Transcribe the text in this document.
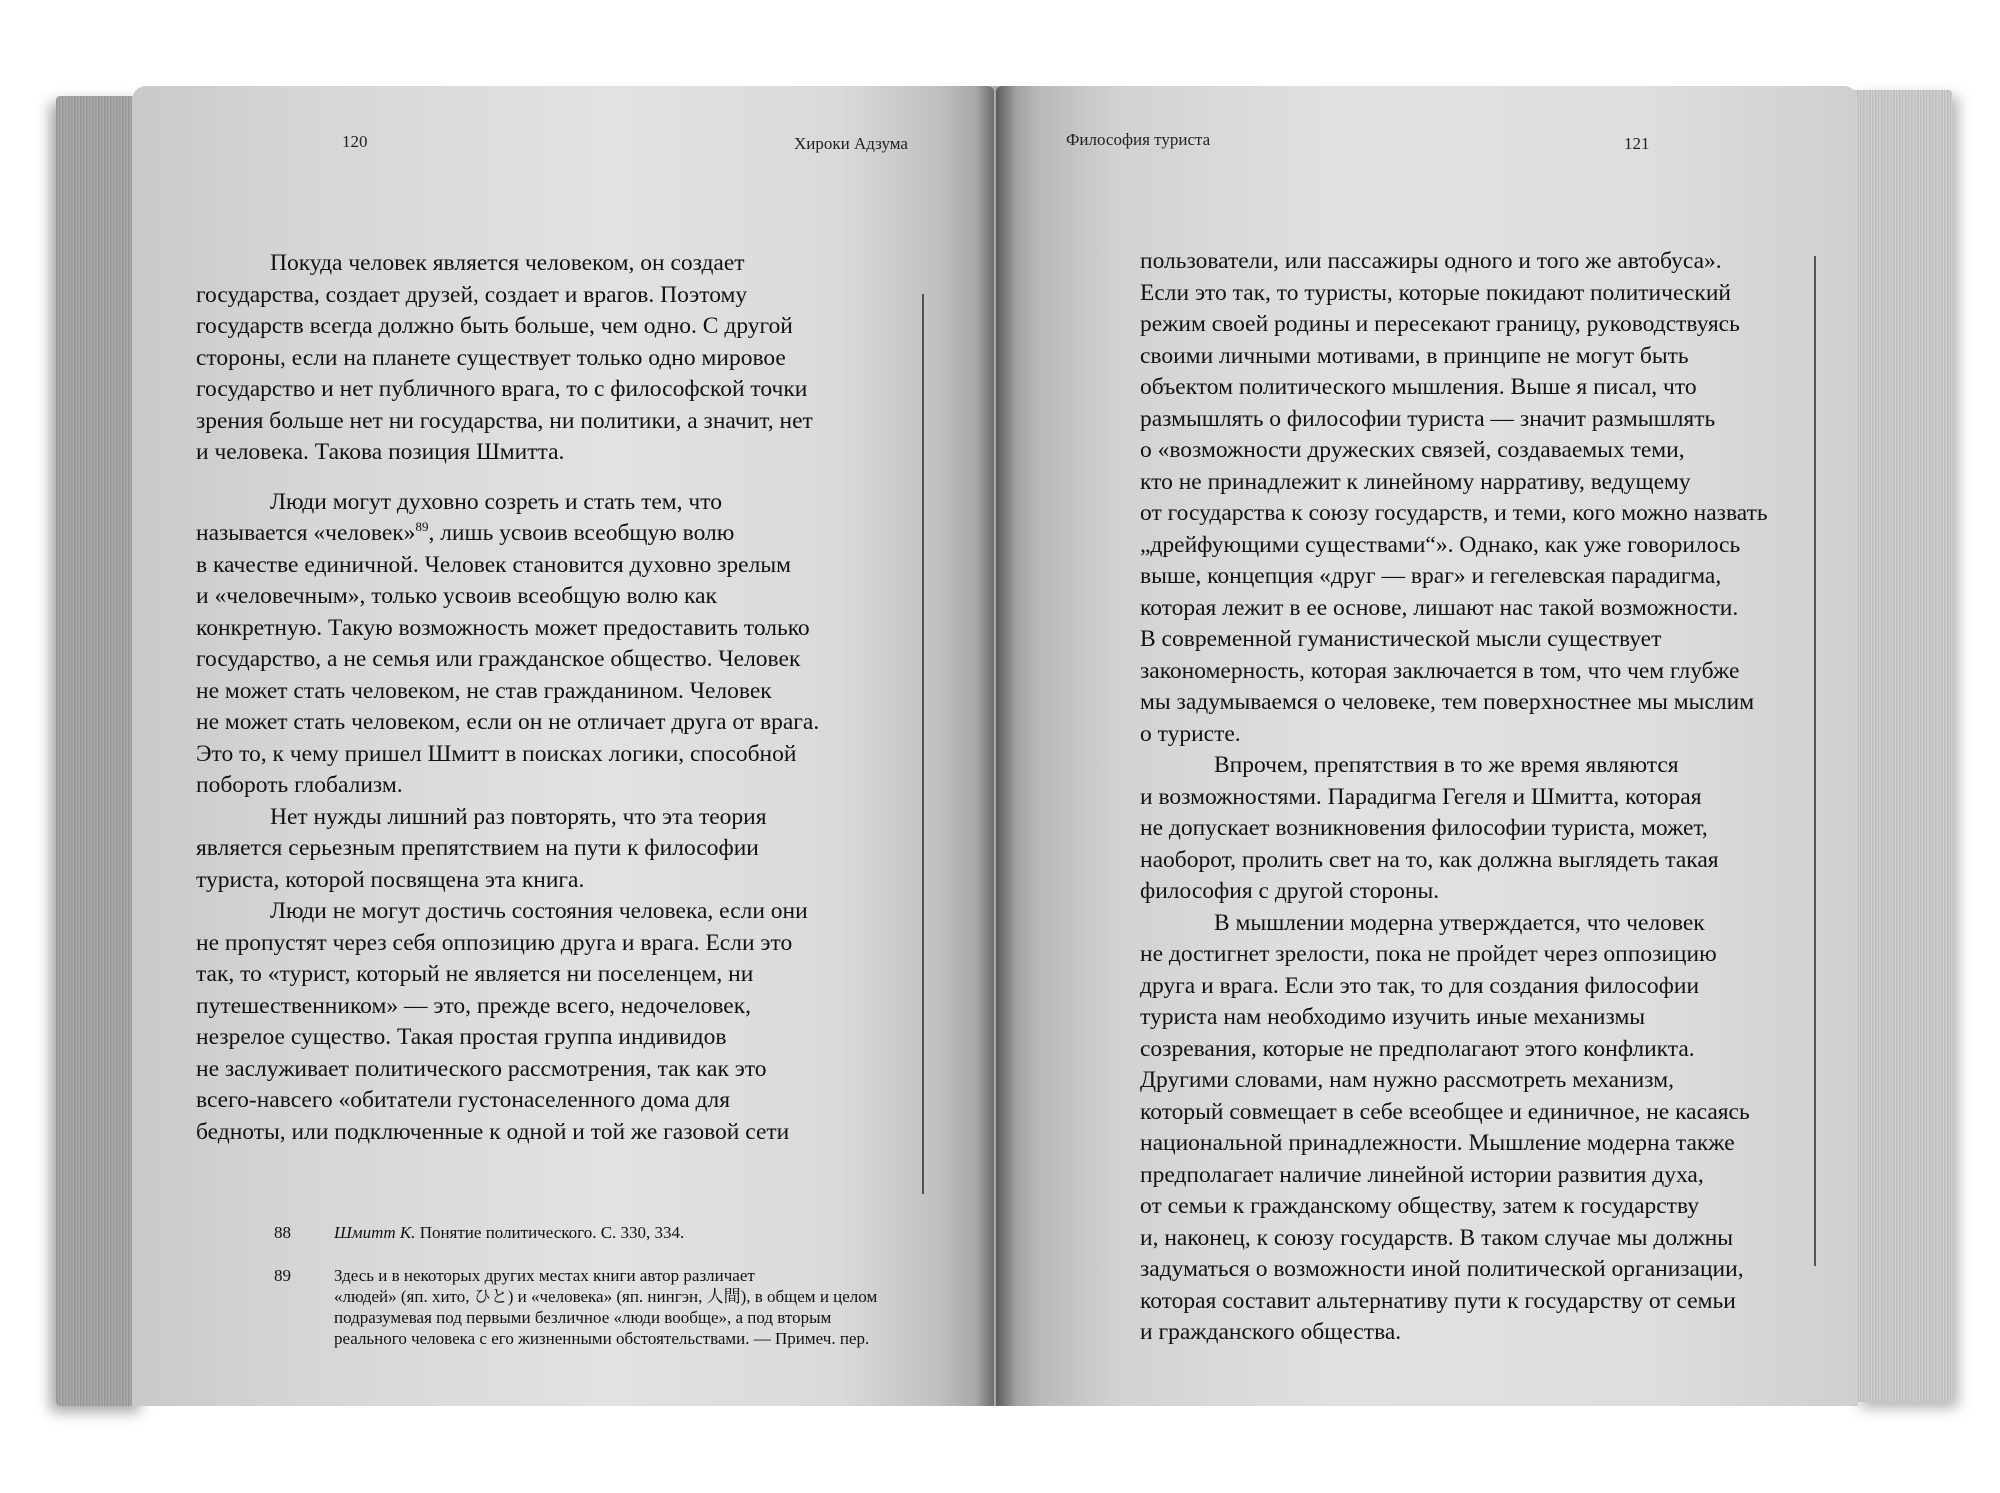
120	Хироки Адзума
Покуда человек является человеком, он создает
государства, создает друзей, создает и врагов. Поэтому
государств всегда должно быть больше, чем одно. С другой
стороны, если на планете существует только одно мировое
государство и нет публичного врага, то с философской точки
зрения больше нет ни государства, ни политики, а значит, нет
и человека. Такова позиция Шмитта.
Люди могут духовно созреть и стать тем, что
называется «человек»$^{89}$, лишь усвоив всеобщую волю
в качестве единичной. Человек становится духовно зрелым
и «человечным», только усвоив всеобщую волю как
конкретную. Такую возможность может предоставить только
государство, а не семья или гражданское общество. Человек
не может стать человеком, не став гражданином. Человек
не может стать человеком, если он не отличает друга от врага.
Это то, к чему пришел Шмитт в поисках логики, способной
побороть глобализм.
Нет нужды лишний раз повторять, что эта теория
является серьезным препятствием на пути к философии
туриста, которой посвящена эта книга.
Люди не могут достичь состояния человека, если они
не пропустят через себя оппозицию друга и врага. Если это
так, то «турист, который не является ни поселенцем, ни
путешественником» — это, прежде всего, недочеловек,
незрелое существо. Такая простая группа индивидов
не заслуживает политического рассмотрения, так как это
всего-навсего «обитатели густонаселенного дома для
бедноты, или подключенные к одной и той же газовой сети
88	Шмитт К. Понятие политического. С. 330, 334.
89	Здесь и в некоторых других местах книги автор различает
«людей» (яп. хито, ひと) и «человека» (яп. нингэн, 人間), в общем и целом
подразумевая под первыми безличное «люди вообще», а под вторым
реального человека с его жизненными обстоятельствами. — Примеч. пер.
Философия туриста	121
пользователи, или пассажиры одного и того же автобуса».
Если это так, то туристы, которые покидают политический
режим своей родины и пересекают границу, руководствуясь
своими личными мотивами, в принципе не могут быть
объектом политического мышления. Выше я писал, что
размышлять о философии туриста — значит размышлять
о «возможности дружеских связей, создаваемых теми,
кто не принадлежит к линейному нарративу, ведущему
от государства к союзу государств, и теми, кого можно назвать
„дрейфующими существами“». Однако, как уже говорилось
выше, концепция «друг — враг» и гегелевская парадигма,
которая лежит в ее основе, лишают нас такой возможности.
В современной гуманистической мысли существует
закономерность, которая заключается в том, что чем глубже
мы задумываемся о человеке, тем поверхностнее мы мыслим
о туристе.
Впрочем, препятствия в то же время являются
и возможностями. Парадигма Гегеля и Шмитта, которая
не допускает возникновения философии туриста, может,
наоборот, пролить свет на то, как должна выглядеть такая
философия с другой стороны.
В мышлении модерна утверждается, что человек
не достигнет зрелости, пока не пройдет через оппозицию
друга и врага. Если это так, то для создания философии
туриста нам необходимо изучить иные механизмы
созревания, которые не предполагают этого конфликта.
Другими словами, нам нужно рассмотреть механизм,
который совмещает в себе всеобщее и единичное, не касаясь
национальной принадлежности. Мышление модерна также
предполагает наличие линейной истории развития духа,
от семьи к гражданскому обществу, затем к государству
и, наконец, к союзу государств. В таком случае мы должны
задуматься о возможности иной политической организации,
которая составит альтернативу пути к государству от семьи
и гражданского общества.
